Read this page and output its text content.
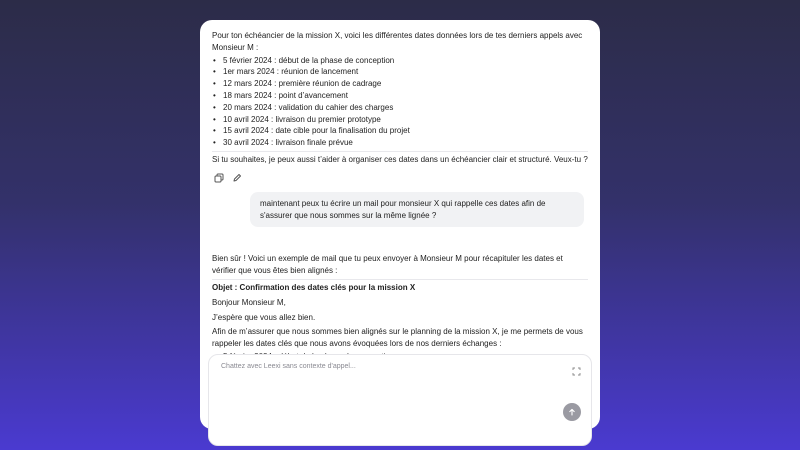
Pour ton échéancier de la mission X, voici les différentes dates données lors de tes derniers appels avec Monsieur M :

• 5 février 2024 : début de la phase de conception
• 1er mars 2024 : réunion de lancement
• 12 mars 2024 : première réunion de cadrage
• 18 mars 2024 : point d’avancement
• 20 mars 2024 : validation du cahier des charges
• 10 avril 2024 : livraison du premier prototype
• 15 avril 2024 : date cible pour la finalisation du projet
• 30 avril 2024 : livraison finale prévue

Si tu souhaites, je peux aussi t’aider à organiser ces dates dans un échéancier clair et structuré. Veux-tu ?

maintenant peux tu écrire un mail pour monsieur X qui rappelle ces dates afin de s'assurer que nous sommes sur la même lignée ?

Bien sûr ! Voici un exemple de mail que tu peux envoyer à Monsieur M pour récapituler les dates et vérifier que vous êtes bien alignés :

Objet : Confirmation des dates clés pour la mission X

Bonjour Monsieur M,

J’espère que vous allez bien.

Afin de m’assurer que nous sommes bien alignés sur le planning de la mission X, je me permets de vous rappeler les dates clés que nous avons évoquées lors de nos derniers échanges :

•
Chattez avec Leexi sans contexte d'appel...
